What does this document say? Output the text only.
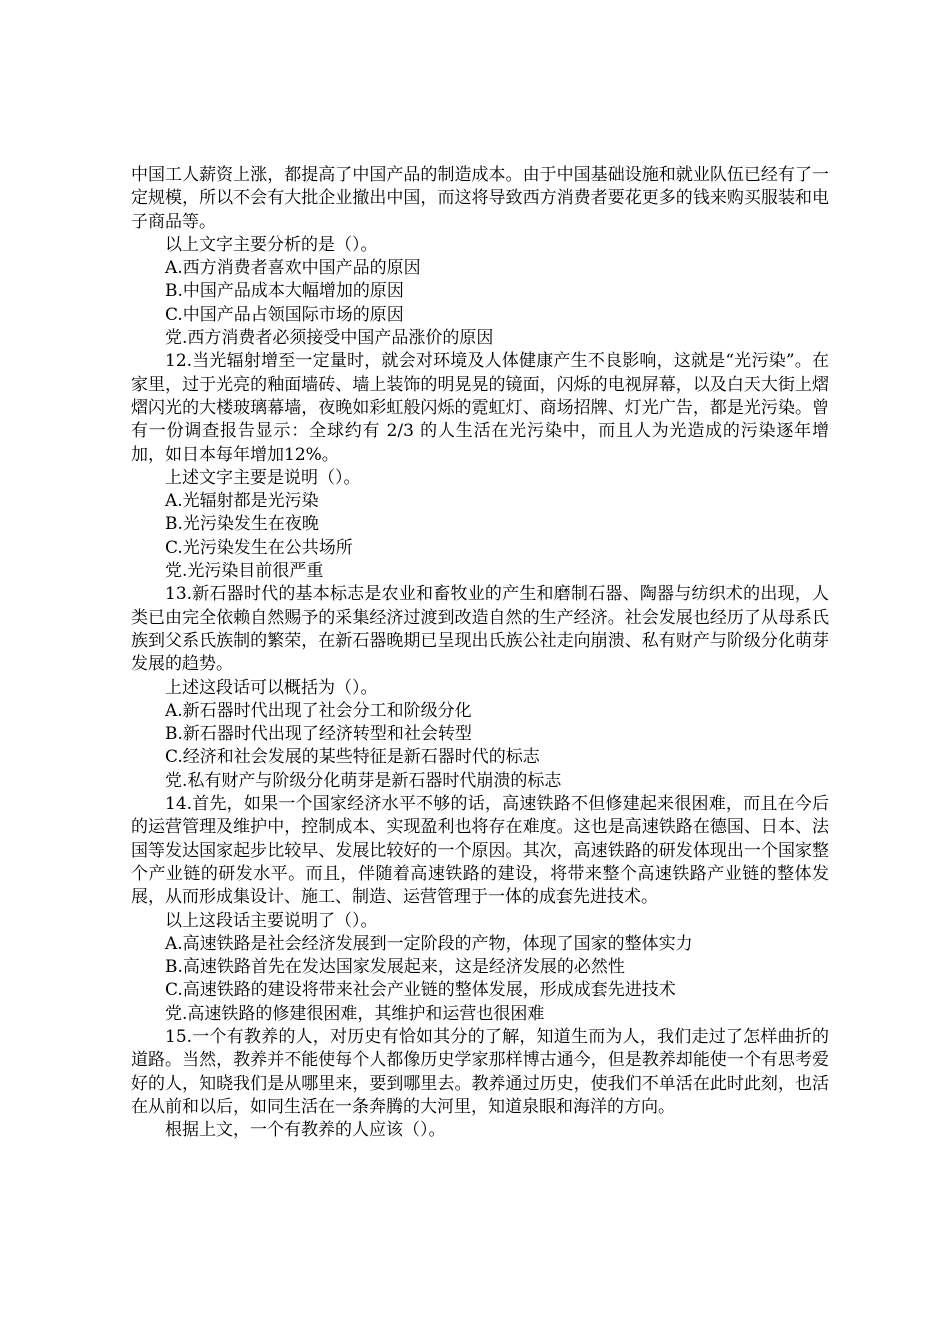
中国工人薪资上涨，都提高了中国产品的制造成本。由于中国基础设施和就业队伍已经有了一定规模，所以不会有大批企业撤出中国，而这将导致西方消费者要花更多的钱来购买服装和电子商品等。

以上文字主要分析的是（）。

A.西方消费者喜欢中国产品的原因

B.中国产品成本大幅增加的原因

C.中国产品占领国际市场的原因

党.西方消费者必须接受中国产品涨价的原因

12.当光辐射增至一定量时，就会对环境及人体健康产生不良影响，这就是“光污染”。在家里，过于光亮的釉面墙砖、墙上装饰的明晃晃的镜面，闪烁的电视屏幕，以及白天大街上熠熠闪光的大楼玻璃幕墙，夜晚如彩虹般闪烁的霓虹灯、商场招牌、灯光广告，都是光污染。曾有一份调查报告显示：全球约有 2/3 的人生活在光污染中，而且人为光造成的污染逐年增加，如日本每年增加12%。

上述文字主要是说明（）。

A.光辐射都是光污染

B.光污染发生在夜晚

C.光污染发生在公共场所

党.光污染目前很严重

13.新石器时代的基本标志是农业和畜牧业的产生和磨制石器、陶器与纺织术的出现，人类已由完全依赖自然赐予的采集经济过渡到改造自然的生产经济。社会发展也经历了从母系氏族到父系氏族制的繁荣，在新石器晚期已呈现出氏族公社走向崩溃、私有财产与阶级分化萌芽发展的趋势。

上述这段话可以概括为（）。

A.新石器时代出现了社会分工和阶级分化

B.新石器时代出现了经济转型和社会转型

C.经济和社会发展的某些特征是新石器时代的标志

党.私有财产与阶级分化萌芽是新石器时代崩溃的标志

14.首先，如果一个国家经济水平不够的话，高速铁路不但修建起来很困难，而且在今后的运营管理及维护中，控制成本、实现盈利也将存在难度。这也是高速铁路在德国、日本、法国等发达国家起步比较早、发展比较好的一个原因。其次，高速铁路的研发体现出一个国家整个产业链的研发水平。而且，伴随着高速铁路的建设，将带来整个高速铁路产业链的整体发展，从而形成集设计、施工、制造、运营管理于一体的成套先进技术。

以上这段话主要说明了（）。

A.高速铁路是社会经济发展到一定阶段的产物，体现了国家的整体实力

B.高速铁路首先在发达国家发展起来，这是经济发展的必然性

C.高速铁路的建设将带来社会产业链的整体发展，形成成套先进技术

党.高速铁路的修建很困难，其维护和运营也很困难

15.一个有教养的人，对历史有恰如其分的了解，知道生而为人，我们走过了怎样曲折的道路。当然，教养并不能使每个人都像历史学家那样博古通今，但是教养却能使一个有思考爱好的人，知晓我们是从哪里来，要到哪里去。教养通过历史，使我们不单活在此时此刻，也活在从前和以后，如同生活在一条奔腾的大河里，知道泉眼和海洋的方向。

根据上文，一个有教养的人应该（）。
